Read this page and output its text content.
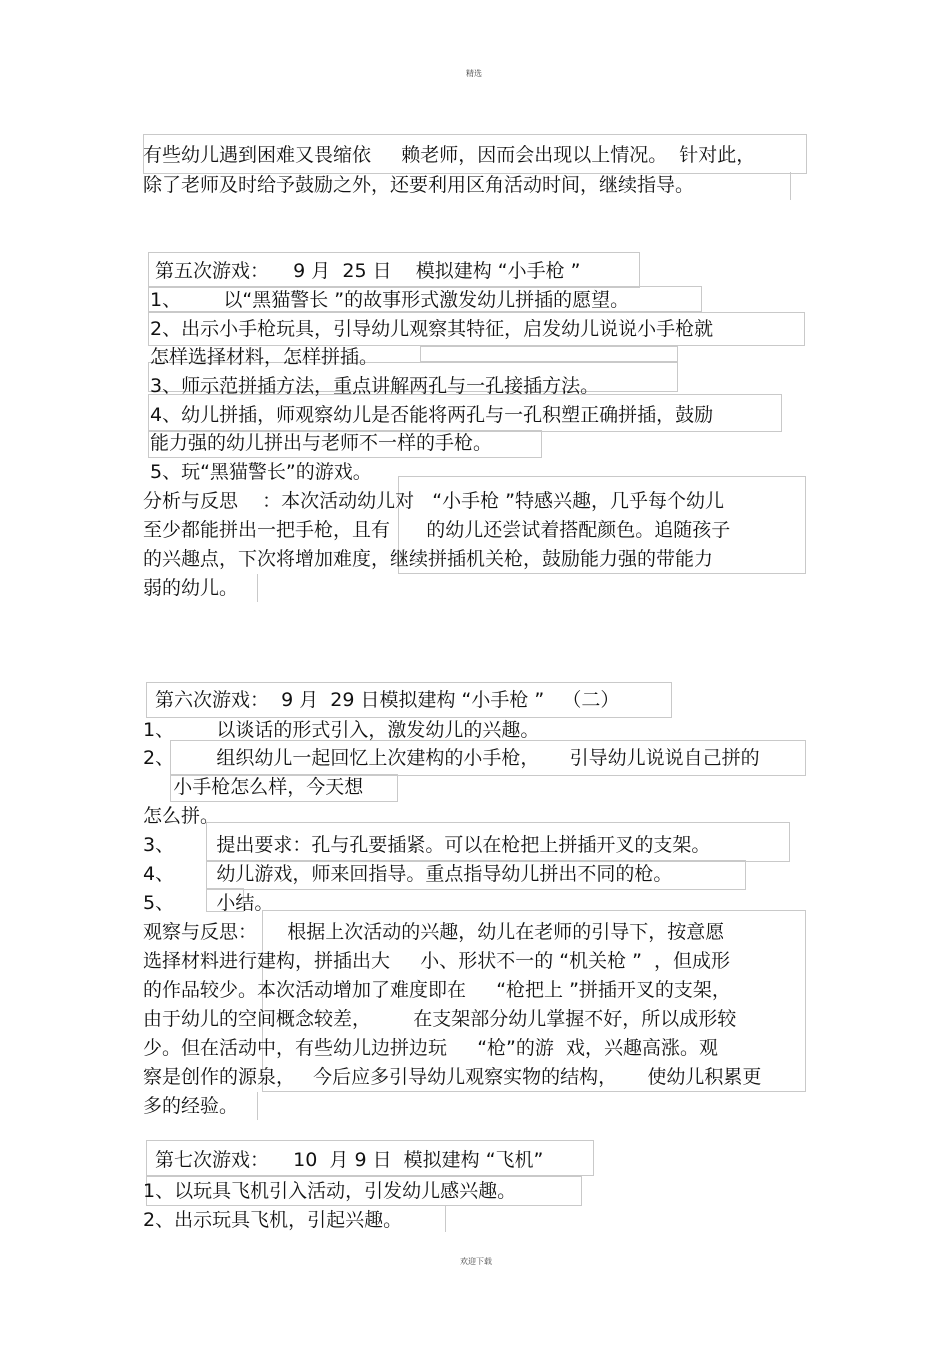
精选
欢迎下载
有些幼儿遇到困难又畏缩依     赖老师，因而会出现以上情况。  针对此，
除了老师及时给予鼓励之外，还要利用区角活动时间，继续指导。
第五次游戏：    9 月  25 日    模拟建构 “小手枪 ”
1、       以“黑猫警长 ”的故事形式激发幼儿拼插的愿望。
2、出示小手枪玩具，引导幼儿观察其特征，启发幼儿说说小手枪就
怎样选择材料，怎样拼插。
3、师示范拼插方法，重点讲解两孔与一孔接插方法。
4、幼儿拼插，师观察幼儿是否能将两孔与一孔积塑正确拼插，鼓励
能力强的幼儿拼出与老师不一样的手枪。
5、玩“黑猫警长”的游戏。
分析与反思    ：本次活动幼儿对   “小手枪 ”特感兴趣，几乎每个幼儿
至少都能拼出一把手枪，且有      的幼儿还尝试着搭配颜色。追随孩子
的兴趣点，下次将增加难度，继续拼插机关枪，鼓励能力强的带能力
弱的幼儿。
第六次游戏：  9 月  29 日模拟建构 “小手枪 ”   （二）
1、       以谈话的形式引入，激发幼儿的兴趣。
2、       组织幼儿一起回忆上次建构的小手枪，     引导幼儿说说自己拼的
小手枪怎么样，今天想
怎么拼。
3、       提出要求：孔与孔要插紧。可以在枪把上拼插开叉的支架。
4、       幼儿游戏，师来回指导。重点指导幼儿拼出不同的枪。
5、       小结。
观察与反思：     根据上次活动的兴趣，幼儿在老师的引导下，按意愿
选择材料进行建构，拼插出大     小、形状不一的 “机关枪 ”  ，但成形
的作品较少。本次活动增加了难度即在     “枪把上 ”拼插开叉的支架，
由于幼儿的空间概念较差，       在支架部分幼儿掌握不好，所以成形较
少。但在活动中，有些幼儿边拼边玩     “枪”的游  戏，兴趣高涨。观
察是创作的源泉，   今后应多引导幼儿观察实物的结构，     使幼儿积累更
多的经验。
第七次游戏：    10  月 9 日  模拟建构 “飞机”
1、以玩具飞机引入活动，引发幼儿感兴趣。
2、出示玩具飞机，引起兴趣。
